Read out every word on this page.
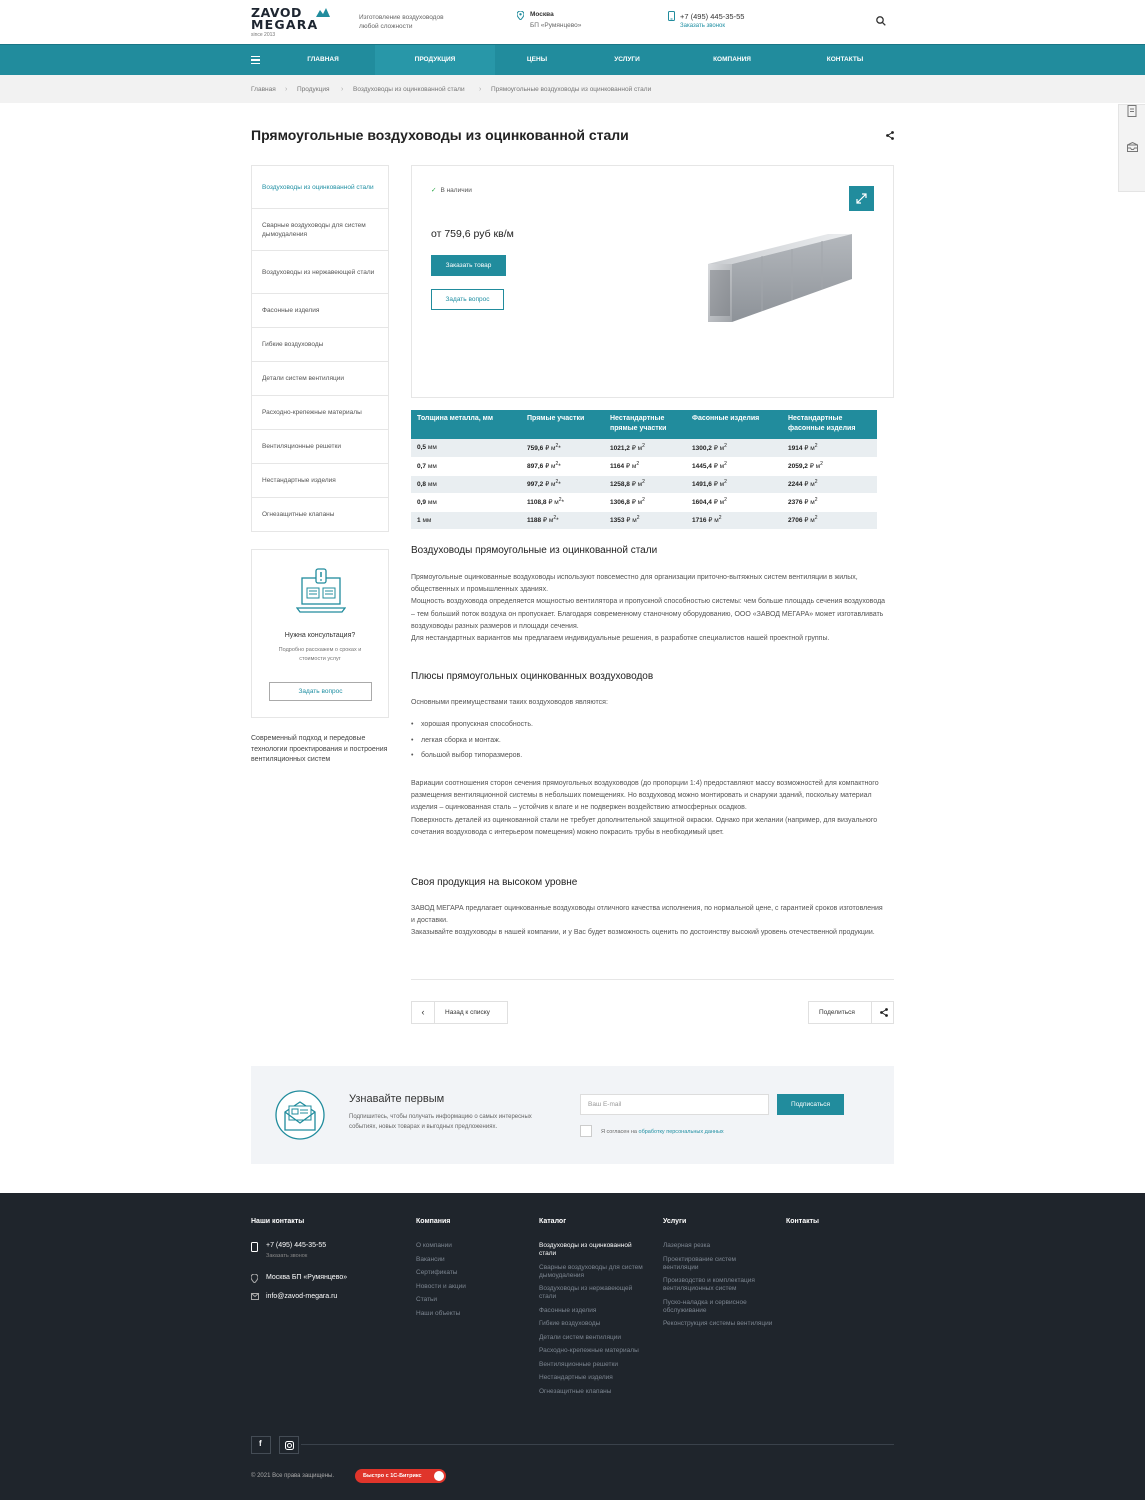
ZAVOD
MEGARA
since 2013
Изготовление воздуховодов любой сложности
Москва
БП «Румянцево»
+7 (495) 445-35-55
Заказать звонок
ГЛАВНАЯ	ПРОДУКЦИЯ	ЦЕНЫ	УСЛУГИ	КОМПАНИЯ	КОНТАКТЫ
Главная › Продукция › Воздуховоды из оцинкованной стали › Прямоугольные воздуховоды из оцинкованной стали
Прямоугольные воздуховоды из оцинкованной стали
Воздуховоды из оцинкованной стали
Сварные воздуховоды для систем дымоудаления
Воздуховоды из нержавеющей стали
Фасонные изделия
Гибкие воздуховоды
Детали систем вентиляции
Расходно-крепежные материалы
Вентиляционные решетки
Нестандартные изделия
Огнезащитные клапаны
Нужна консультация?
Подробно расскажем о сроках и стоимости услуг
Задать вопрос
Современный подход и передовые технологии проектирования и построения вентиляционных систем
✓ В наличии
от 759,6 руб кв/м
Заказать товар
Задать вопрос
Толщина металла, мм	Прямые участки	Нестандартные прямые участки	Фасонные изделия	Нестандартные фасонные изделия
0,5 мм	759,6 ₽ $м^2*$	1021,2 ₽ $м^2$	1300,2 ₽ $м^2$	1914 ₽ $м^2$
0,7 мм	897,6 ₽ $м^2*$	1164 ₽ $м^2$	1445,4 ₽ $м^2$	2059,2 ₽ $м^2$
0,8 мм	997,2 ₽ $м^2*$	1258,8 ₽ $м^2$	1491,6 ₽ $м^2$	2244 ₽ $м^2$
0,9 мм	1108,8 ₽ $м^2*$	1306,8 ₽ $м^2$	1604,4 ₽ $м^2$	2376 ₽ $м^2$
1 мм	1188 ₽ $м^2*$	1353 ₽ $м^2$	1716 ₽ $м^2$	2706 ₽ $м^2$
Воздуховоды прямоугольные из оцинкованной стали
Прямоугольные оцинкованные воздуховоды используют повсеместно для организации приточно-вытяжных систем вентиляции в жилых, общественных и промышленных зданиях.
Мощность воздуховода определяется мощностью вентилятора и пропускной способностью системы: чем больше площадь сечения воздуховода – тем больший поток воздуха он пропускает. Благодаря современному станочному оборудованию, ООО «ЗАВОД МЕГАРА» может изготавливать воздуховоды разных размеров и площади сечения.
Для нестандартных вариантов мы предлагаем индивидуальные решения, в разработке специалистов нашей проектной группы.
Плюсы прямоугольных оцинкованных воздуховодов
Основными преимуществами таких воздуховодов являются:
• хорошая пропускная способность.
• легкая сборка и монтаж.
• большой выбор типоразмеров.
Вариации соотношения сторон сечения прямоугольных воздуховодов (до пропорции 1:4) предоставляют массу возможностей для компактного размещения вентиляционной системы в небольших помещениях. Но воздуховод можно монтировать и снаружи зданий, поскольку материал изделия – оцинкованная сталь – устойчив к влаге и не подвержен воздействию атмосферных осадков.
Поверхность деталей из оцинкованной стали не требует дополнительной защитной окраски. Однако при желании (например, для визуального сочетания воздуховода с интерьером помещения) можно покрасить трубы в необходимый цвет.
Своя продукция на высоком уровне
ЗАВОД МЕГАРА предлагает оцинкованные воздуховоды отличного качества исполнения, по нормальной цене, с гарантией сроков изготовления и доставки.
Заказывайте воздуховоды в нашей компании, и у Вас будет возможность оценить по достоинству высокий уровень отечественной продукции.
‹	Назад к списку	Поделиться
Узнавайте первым
Подпишитесь, чтобы получать информацию о самых интересных событиях, новых товарах и выгодных предложениях.
Ваш E-mail	Подписаться
Я согласен на обработку персональных данных
Наши контакты
+7 (495) 445-35-55
Заказать звонок
Москва БП «Румянцево»
info@zavod-megara.ru
Компания
О компании
Вакансии
Сертификаты
Новости и акции
Статьи
Наши объекты
Каталог
Воздуховоды из оцинкованной стали
Сварные воздуховоды для систем дымоудаления
Воздуховоды из нержавеющей стали
Фасонные изделия
Гибкие воздуховоды
Детали систем вентиляции
Расходно-крепежные материалы
Вентиляционные решетки
Нестандартные изделия
Огнезащитные клапаны
Услуги
Лазерная резка
Проектирование систем вентиляции
Производство и комплектация вентиляционных систем
Пуско-наладка и сервисное обслуживание
Реконструкция системы вентиляции
Контакты
f
© 2021 Все права защищены.	Быстро с 1С-Битрикс
